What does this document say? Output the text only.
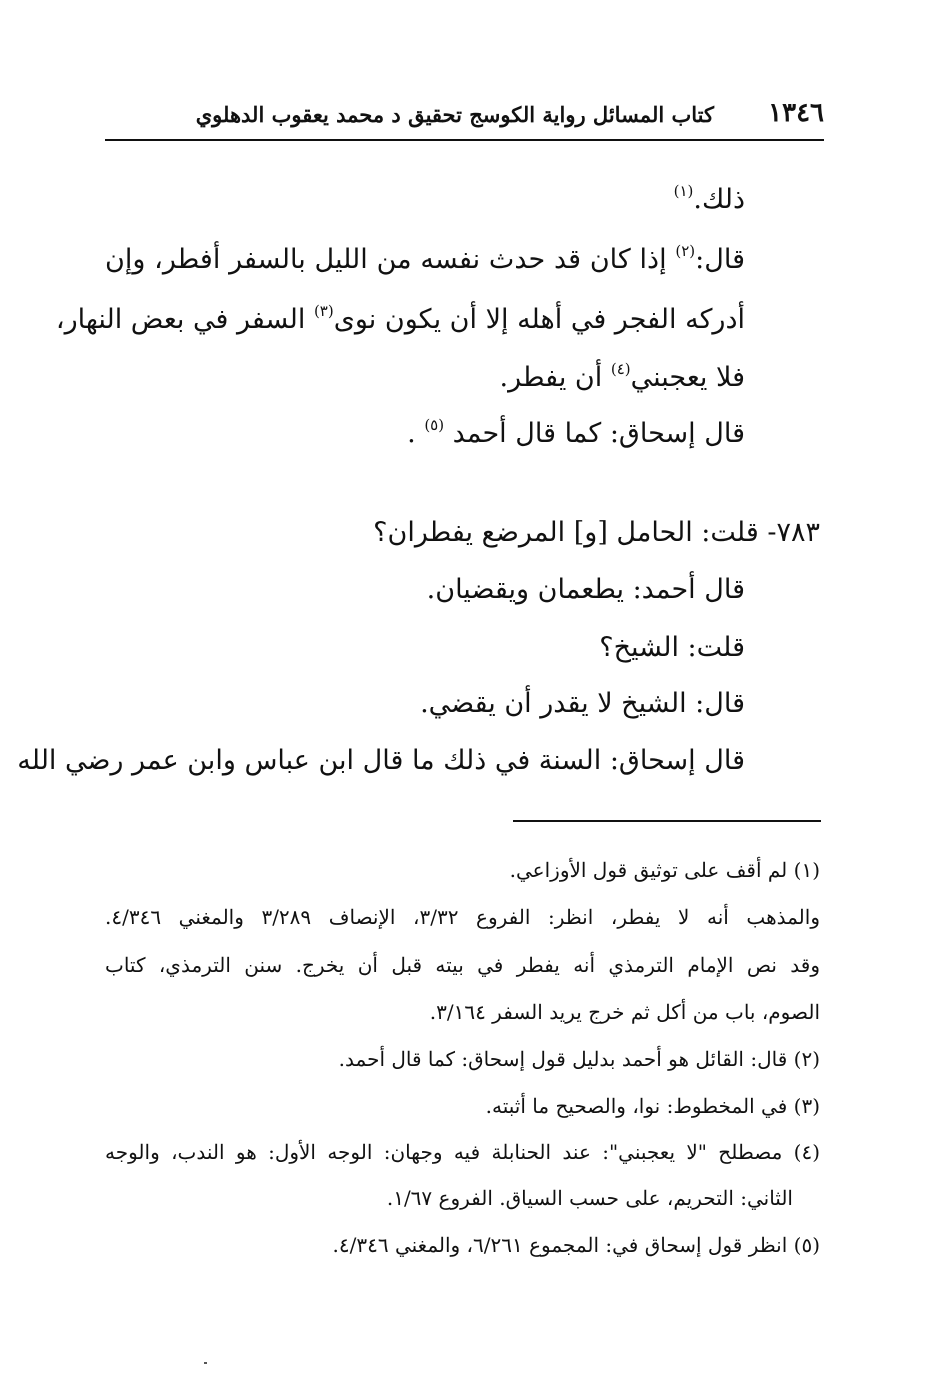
١٣٤٦
كتاب المسائل رواية الكوسج تحقيق د محمد يعقوب الدهلوي
ذلك.$^{(١)}$
قال:$^{(٢)}$ إذا كان قد حدث نفسه من الليل بالسفر أفطر، وإن
أدركه الفجر في أهله إلا أن يكون نوى$^{(٣)}$ السفر في بعض النهار،
فلا يعجبني$^{(٤)}$ أن يفطر.
قال إسحاق: كما قال أحمد $^{(٥)}$ .
٧٨٣- قلت: الحامل [و] المرضع يفطران؟
قال أحمد: يطعمان ويقضيان.
قلت: الشيخ؟
قال: الشيخ لا يقدر أن يقضي.
قال إسحاق: السنة في ذلك ما قال ابن عباس وابن عمر رضي الله
(١) لم أقف على توثيق قول الأوزاعي.
والمذهب أنه لا يفطر، انظر: الفروع ٣/٣٢، الإنصاف ٣/٢٨٩ والمغني ٤/٣٤٦.
وقد نص الإمام الترمذي أنه يفطر في بيته قبل أن يخرج. سنن الترمذي، كتاب
الصوم، باب من أكل ثم خرج يريد السفر ٣/١٦٤.
(٢) قال: القائل هو أحمد بدليل قول إسحاق: كما قال أحمد.
(٣) في المخطوط: نوا، والصحيح ما أثبته.
(٤) مصطلح "لا يعجبني": عند الحنابلة فيه وجهان: الوجه الأول: هو الندب، والوجه
الثاني: التحريم، على حسب السياق. الفروع ١/٦٧.
(٥) انظر قول إسحاق في: المجموع ٦/٢٦١، والمغني ٤/٣٤٦.
